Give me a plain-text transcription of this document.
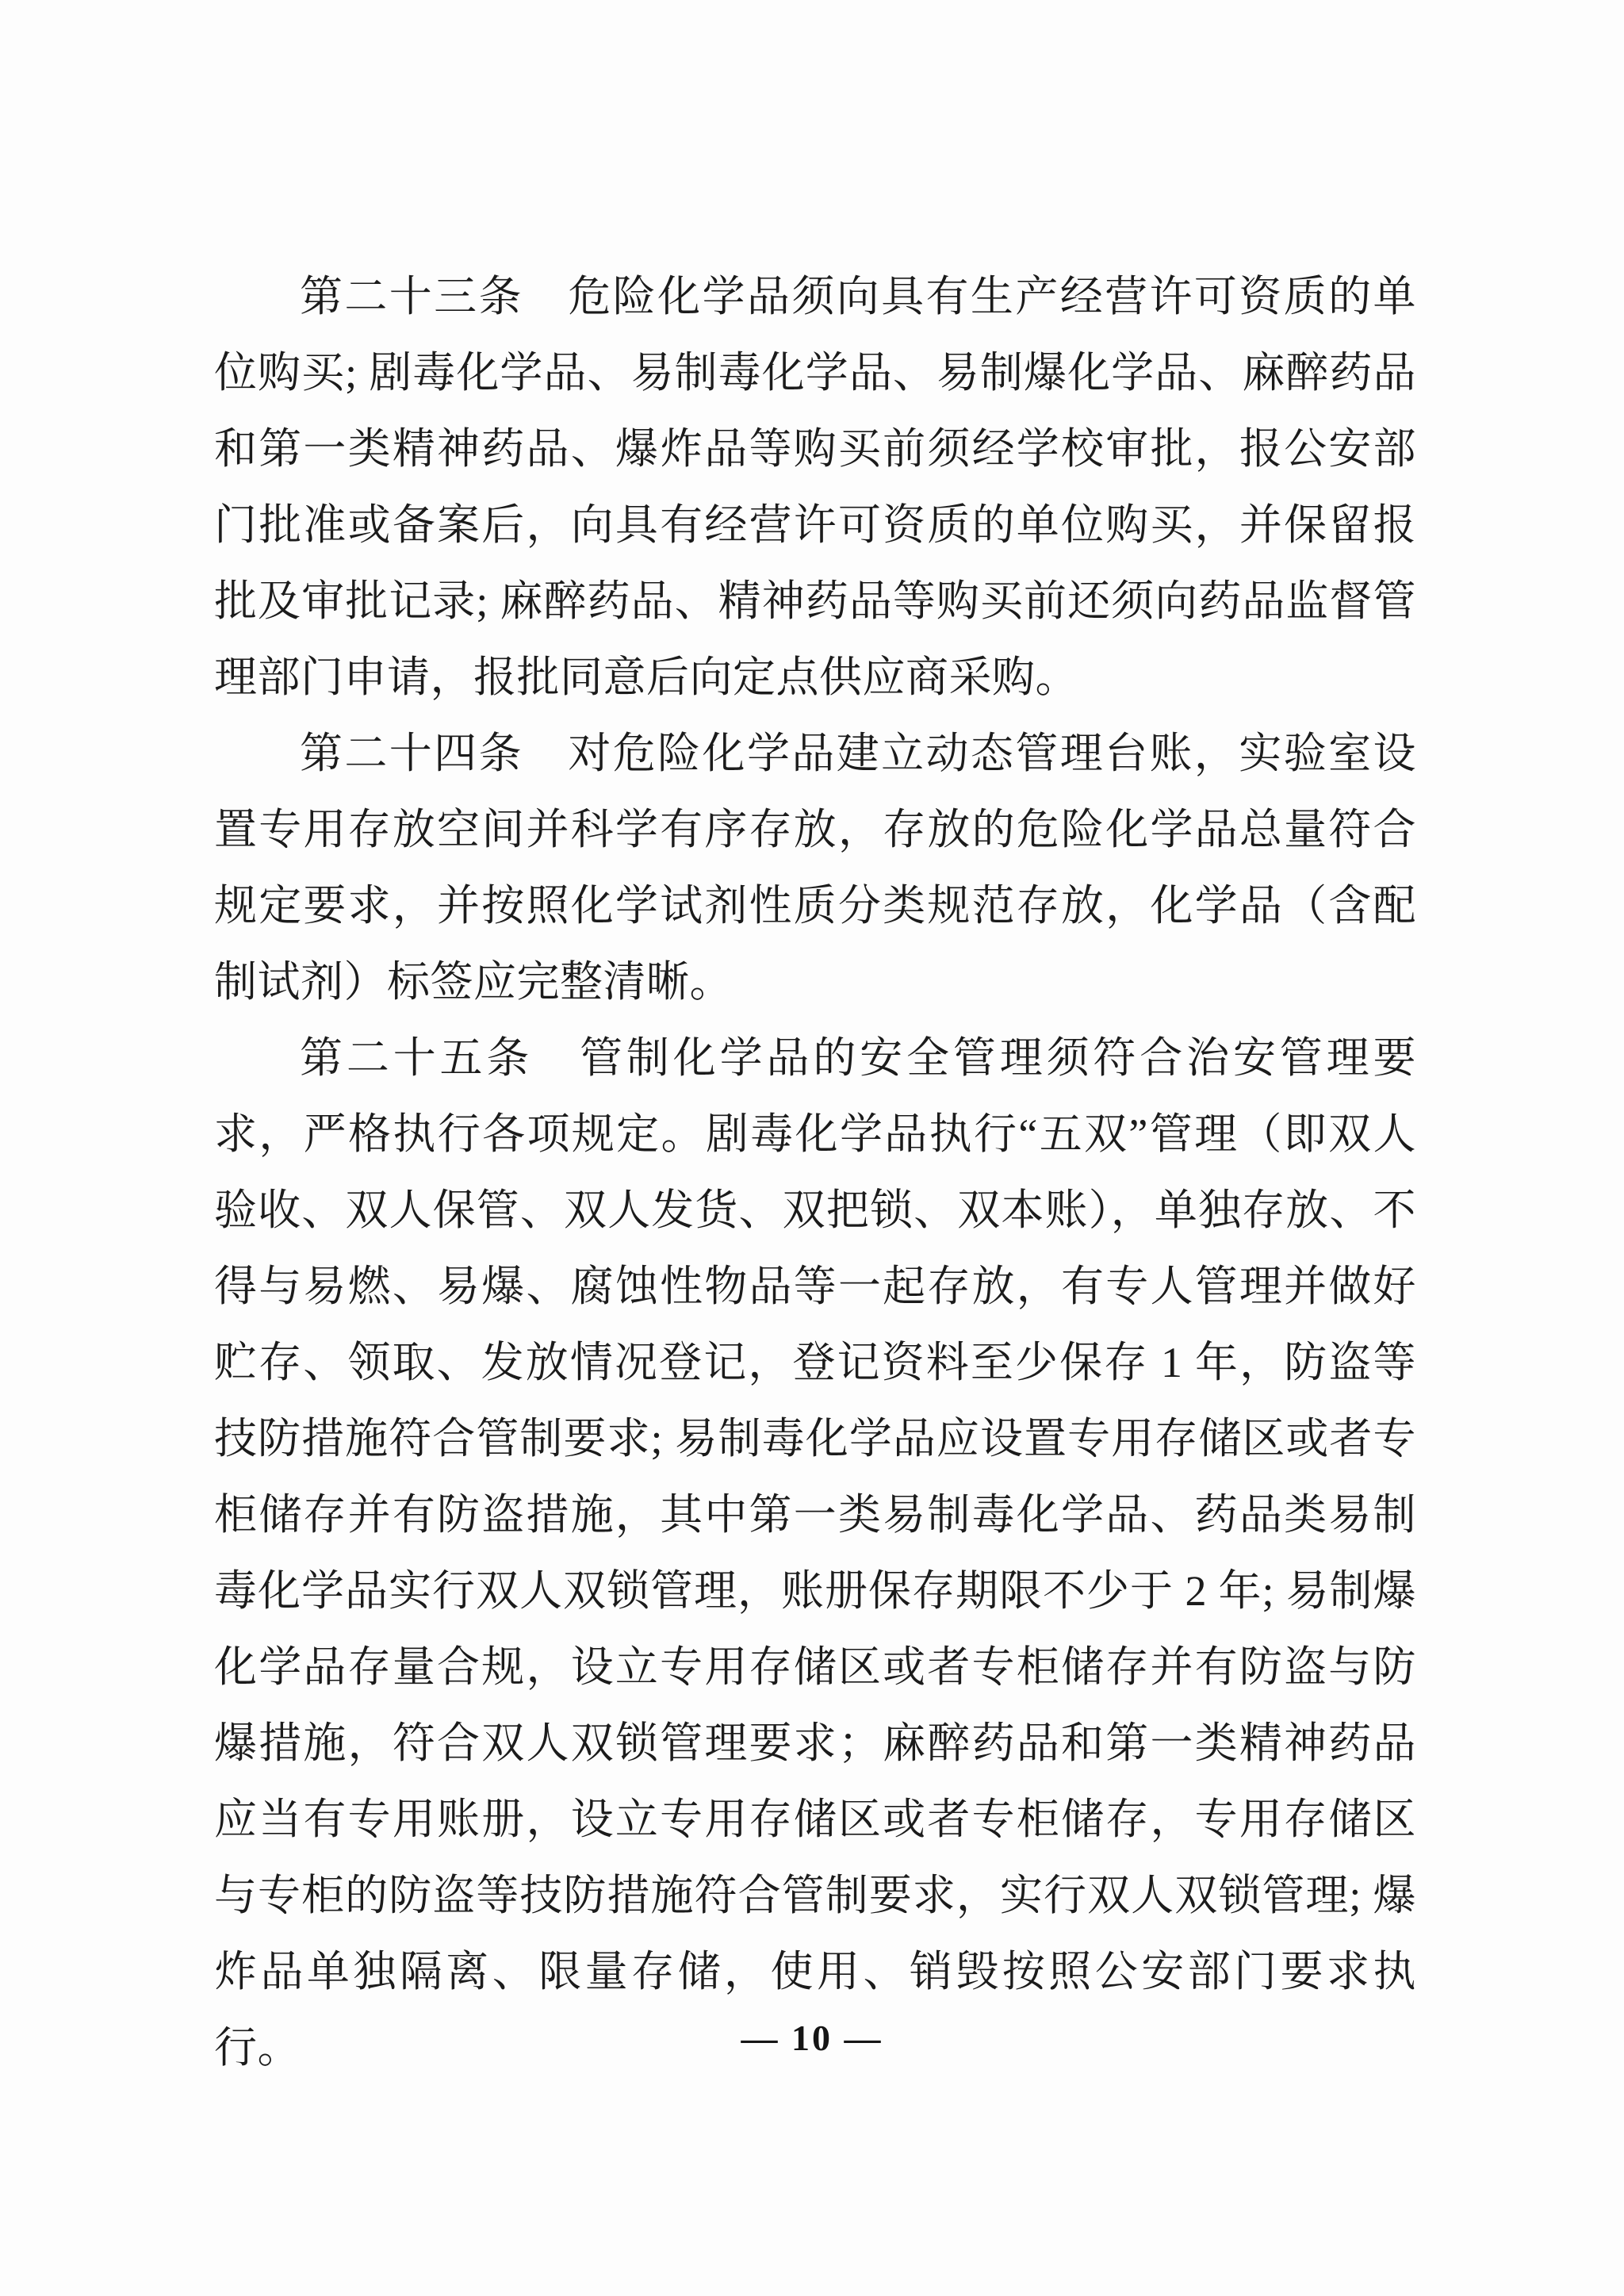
第二十三条　危险化学品须向具有生产经营许可资质的单位购买; 剧毒化学品、易制毒化学品、易制爆化学品、麻醉药品和第一类精神药品、爆炸品等购买前须经学校审批，报公安部门批准或备案后，向具有经营许可资质的单位购买，并保留报批及审批记录; 麻醉药品、精神药品等购买前还须向药品监督管理部门申请，报批同意后向定点供应商采购。

第二十四条　对危险化学品建立动态管理台账，实验室设置专用存放空间并科学有序存放，存放的危险化学品总量符合规定要求，并按照化学试剂性质分类规范存放，化学品（含配制试剂）标签应完整清晰。

第二十五条　管制化学品的安全管理须符合治安管理要求，严格执行各项规定。剧毒化学品执行“五双”管理（即双人验收、双人保管、双人发货、双把锁、双本账），单独存放、不得与易燃、易爆、腐蚀性物品等一起存放，有专人管理并做好贮存、领取、发放情况登记，登记资料至少保存 1 年，防盗等技防措施符合管制要求; 易制毒化学品应设置专用存储区或者专柜储存并有防盗措施，其中第一类易制毒化学品、药品类易制毒化学品实行双人双锁管理，账册保存期限不少于 2 年; 易制爆化学品存量合规，设立专用存储区或者专柜储存并有防盗与防爆措施，符合双人双锁管理要求；麻醉药品和第一类精神药品应当有专用账册，设立专用存储区或者专柜储存，专用存储区与专柜的防盗等技防措施符合管制要求，实行双人双锁管理; 爆炸品单独隔离、限量存储，使用、销毁按照公安部门要求执行。	— 10 —
